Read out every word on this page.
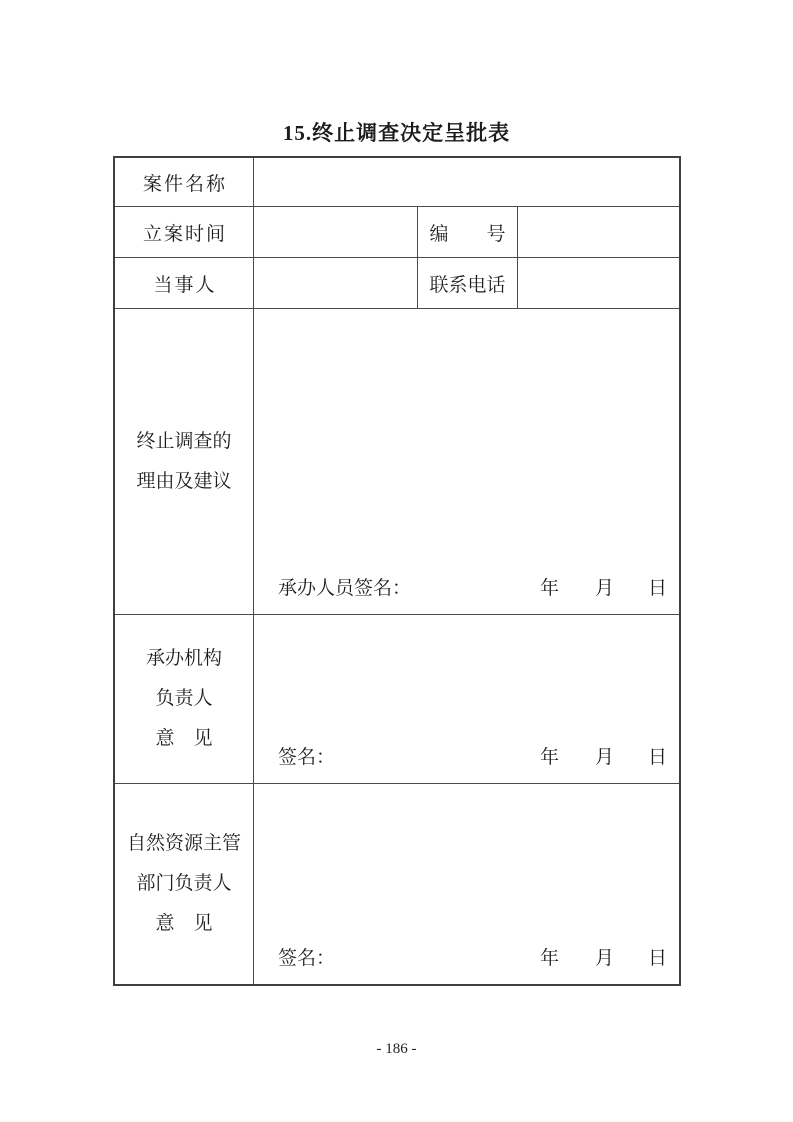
15.终止调查决定呈批表
案件名称
立案时间	编　　号
当事人	联系电话
终止调查的
理由及建议
承办人员签名：	年 月 日
承办机构
负责人
意　见
签名：	年 月 日
自然资源主管
部门负责人
意　见
签名：	年 月 日
- 186 -
